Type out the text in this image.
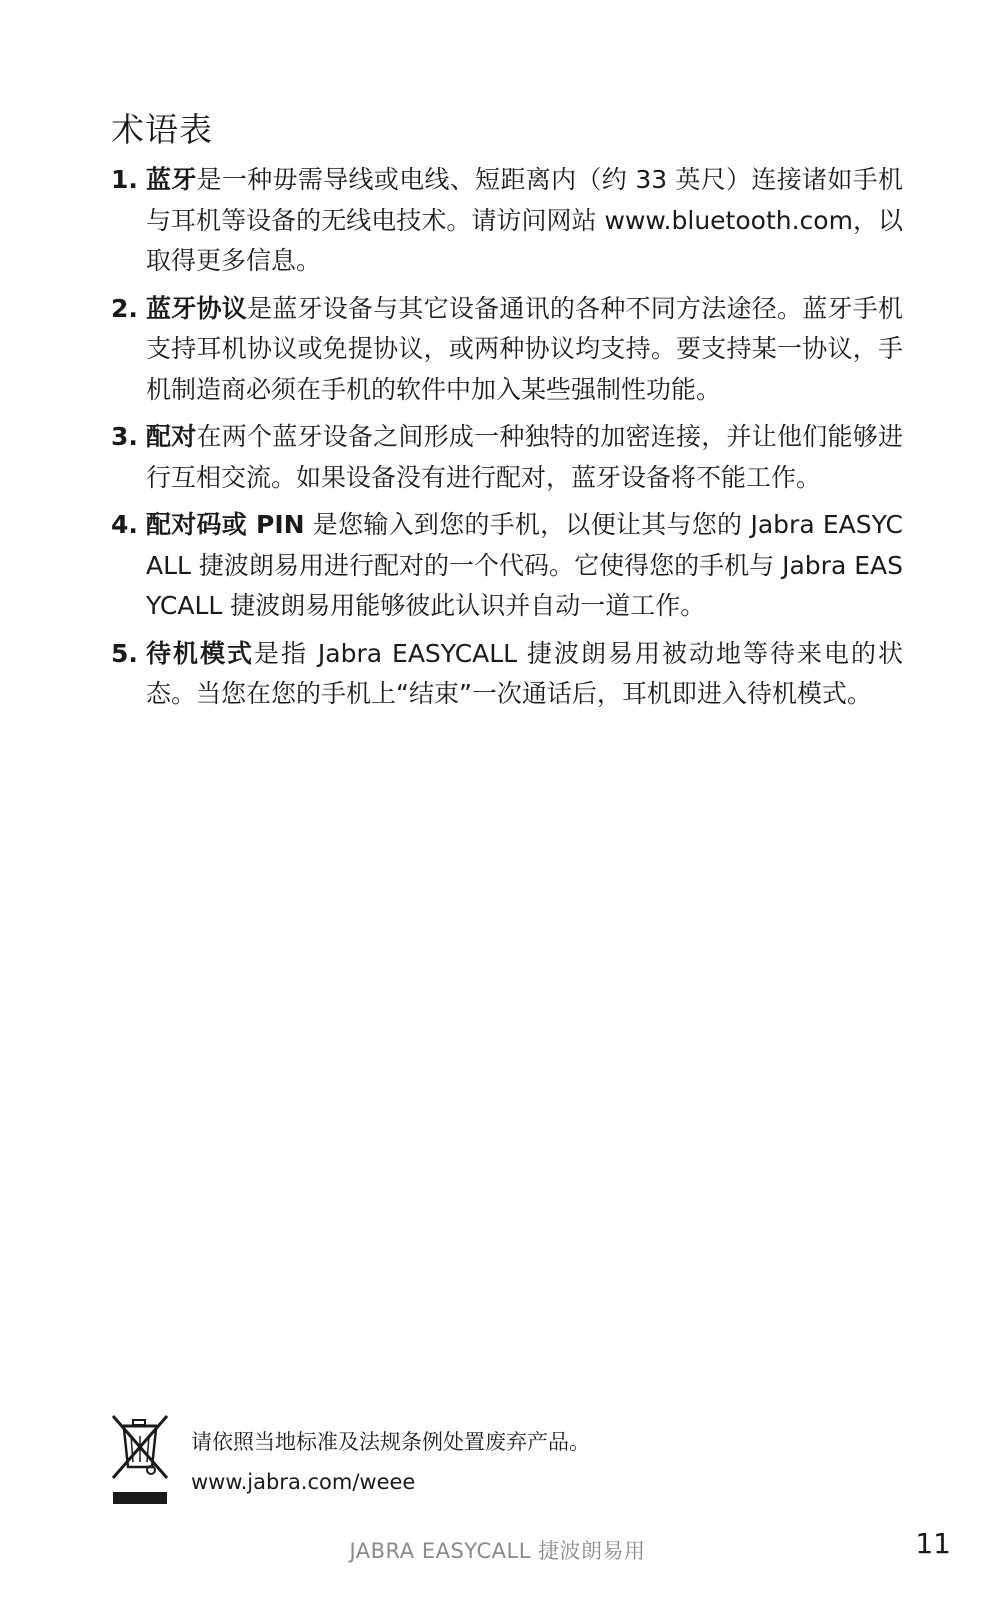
术语表
1. 蓝牙是一种毋需导线或电线、短距离内（约 33 英尺）连接诸如手机与耳机等设备的无线电技术。请访问网站 www.bluetooth.com，以取得更多信息。
2. 蓝牙协议是蓝牙设备与其它设备通讯的各种不同方法途径。蓝牙手机支持耳机协议或免提协议，或两种协议均支持。要支持某一协议，手机制造商必须在手机的软件中加入某些强制性功能。
3. 配对在两个蓝牙设备之间形成一种独特的加密连接，并让他们能够进行互相交流。如果设备没有进行配对，蓝牙设备将不能工作。
4. 配对码或 PIN 是您输入到您的手机，以便让其与您的 Jabra EASYCALL 捷波朗易用进行配对的一个代码。它使得您的手机与 Jabra EASYCALL 捷波朗易用能够彼此认识并自动一道工作。
5. 待机模式是指 Jabra EASYCALL 捷波朗易用被动地等待来电的状态。当您在您的手机上“结束”一次通话后，耳机即进入待机模式。
请依照当地标准及法规条例处置废弃产品。
www.jabra.com/weee
JABRA EASYCALL 捷波朗易用	11
